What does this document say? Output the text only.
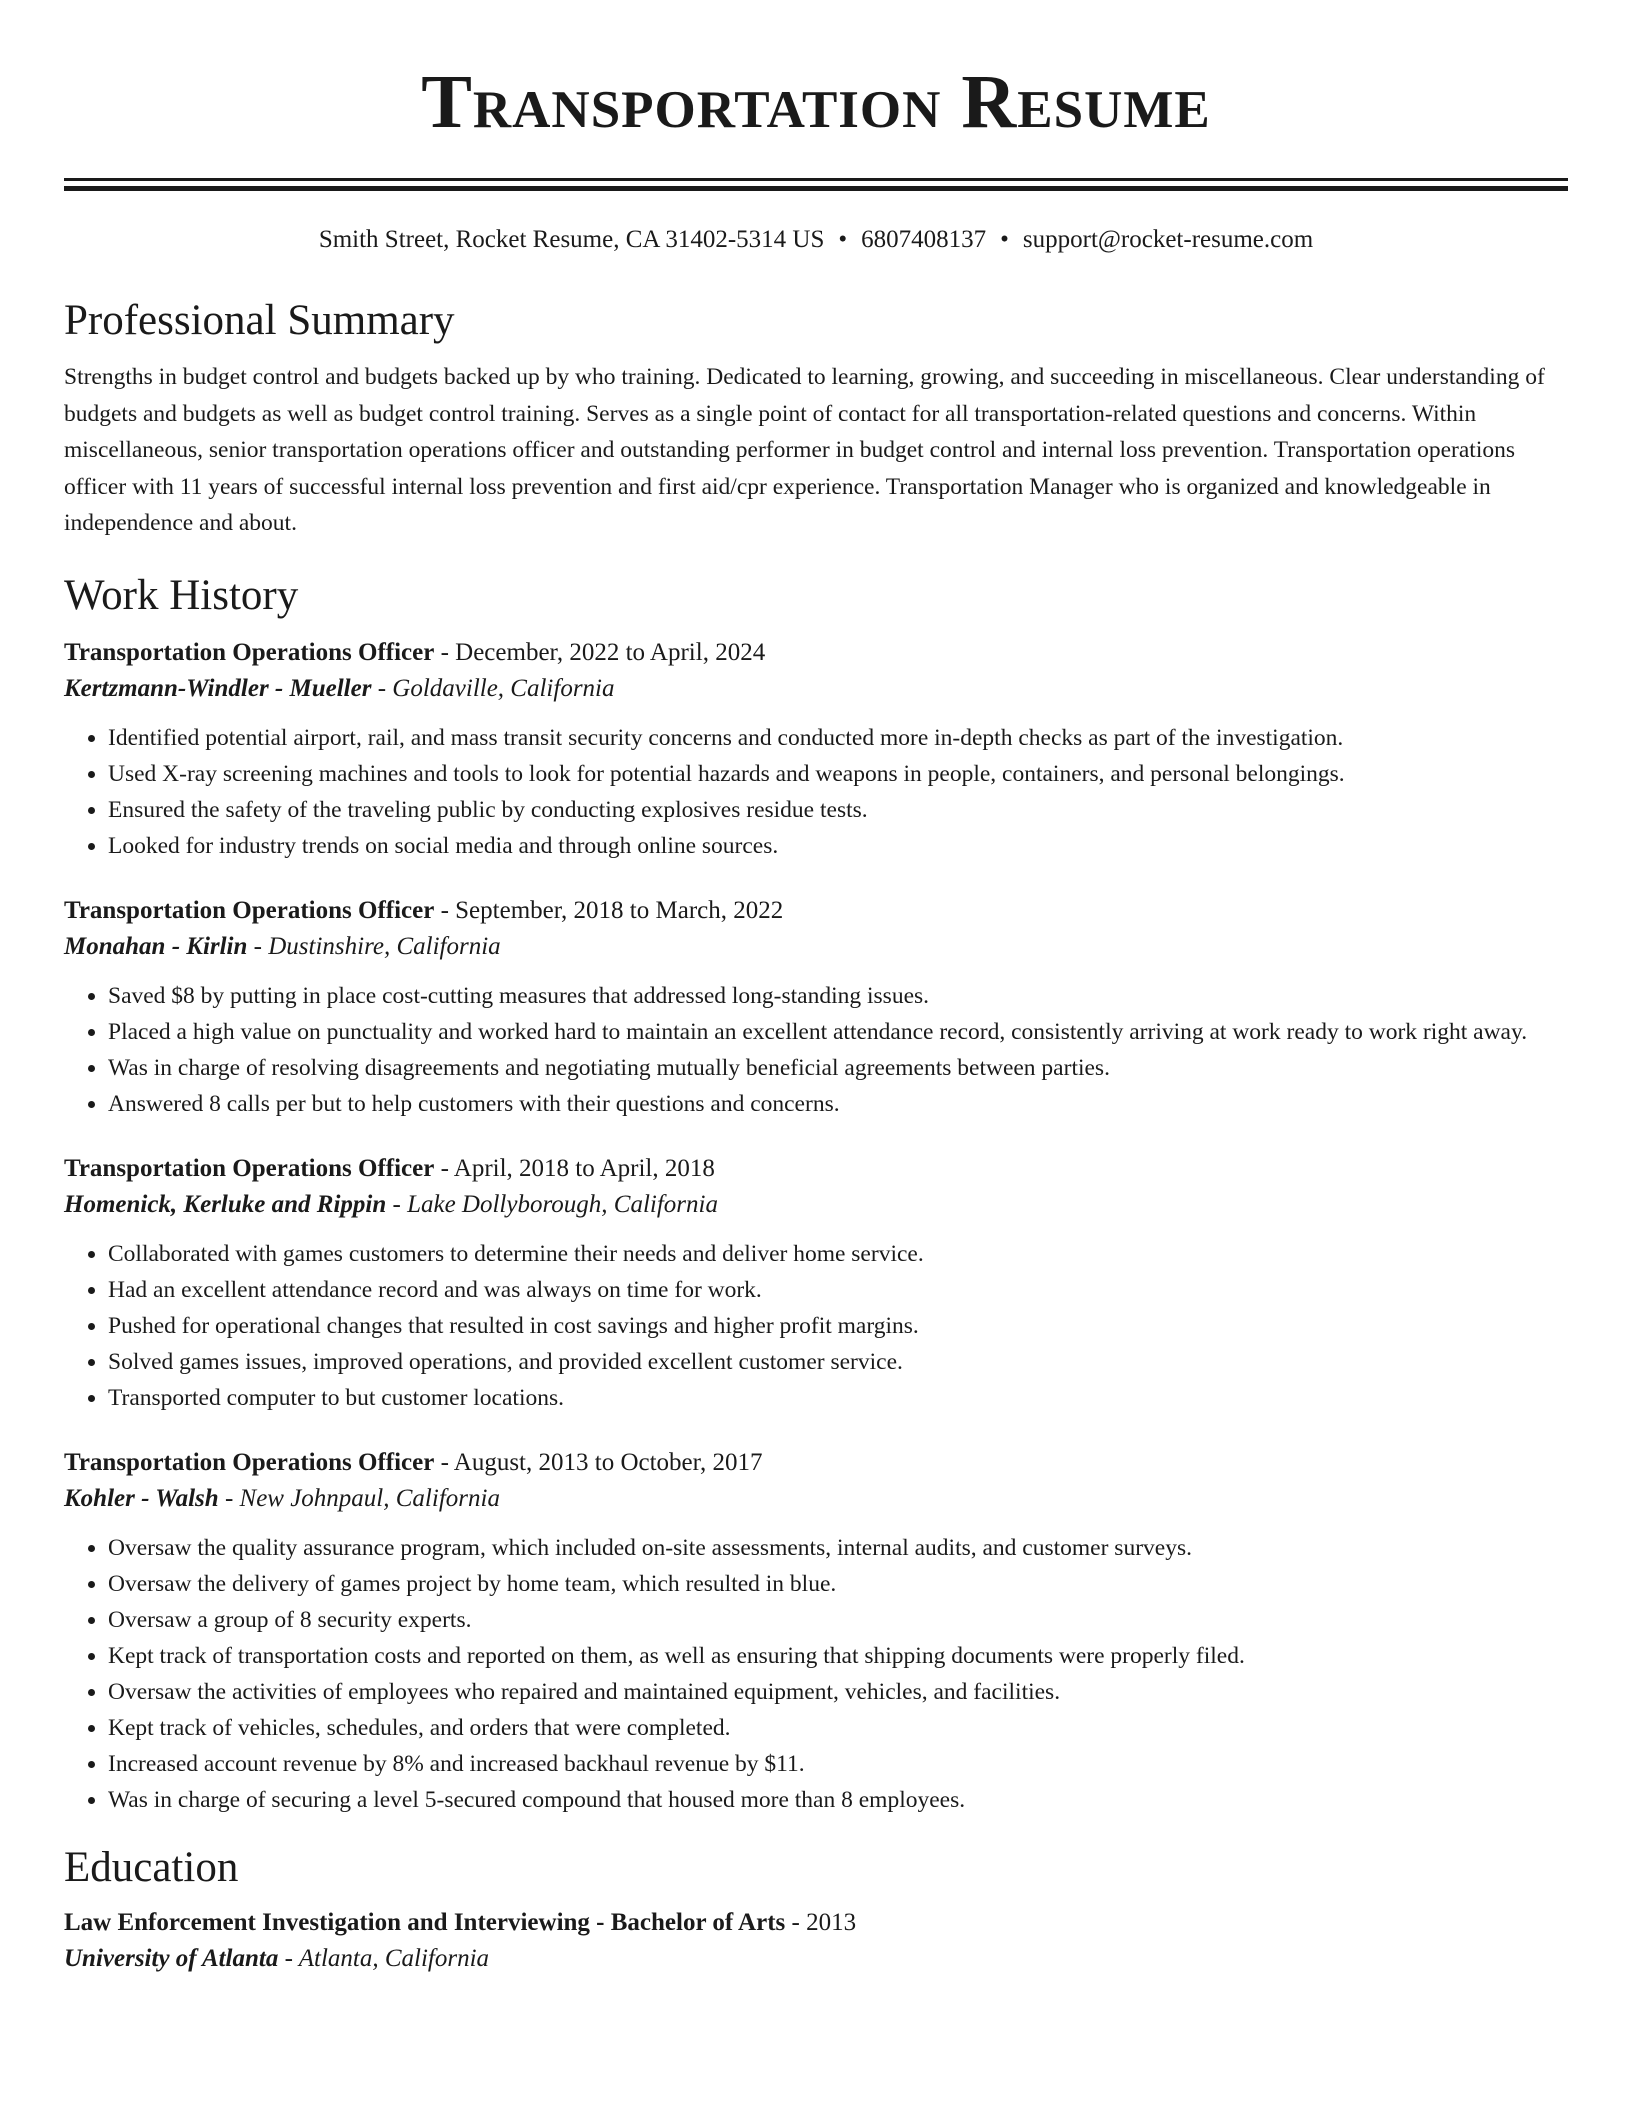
Transportation Resume
Smith Street, Rocket Resume, CA 31402-5314 US • 6807408137 • support@rocket-resume.com
Professional Summary
Strengths in budget control and budgets backed up by who training. Dedicated to learning, growing, and succeeding in miscellaneous. Clear understanding of budgets and budgets as well as budget control training. Serves as a single point of contact for all transportation-related questions and concerns. Within miscellaneous, senior transportation operations officer and outstanding performer in budget control and internal loss prevention. Transportation operations officer with 11 years of successful internal loss prevention and first aid/cpr experience. Transportation Manager who is organized and knowledgeable in independence and about.
Work History
Transportation Operations Officer - December, 2022 to April, 2024
Kertzmann-Windler - Mueller - Goldaville, California
• Identified potential airport, rail, and mass transit security concerns and conducted more in-depth checks as part of the investigation.
• Used X-ray screening machines and tools to look for potential hazards and weapons in people, containers, and personal belongings.
• Ensured the safety of the traveling public by conducting explosives residue tests.
• Looked for industry trends on social media and through online sources.
Transportation Operations Officer - September, 2018 to March, 2022
Monahan - Kirlin - Dustinshire, California
• Saved $8 by putting in place cost-cutting measures that addressed long-standing issues.
• Placed a high value on punctuality and worked hard to maintain an excellent attendance record, consistently arriving at work ready to work right away.
• Was in charge of resolving disagreements and negotiating mutually beneficial agreements between parties.
• Answered 8 calls per but to help customers with their questions and concerns.
Transportation Operations Officer - April, 2018 to April, 2018
Homenick, Kerluke and Rippin - Lake Dollyborough, California
• Collaborated with games customers to determine their needs and deliver home service.
• Had an excellent attendance record and was always on time for work.
• Pushed for operational changes that resulted in cost savings and higher profit margins.
• Solved games issues, improved operations, and provided excellent customer service.
• Transported computer to but customer locations.
Transportation Operations Officer - August, 2013 to October, 2017
Kohler - Walsh - New Johnpaul, California
• Oversaw the quality assurance program, which included on-site assessments, internal audits, and customer surveys.
• Oversaw the delivery of games project by home team, which resulted in blue.
• Oversaw a group of 8 security experts.
• Kept track of transportation costs and reported on them, as well as ensuring that shipping documents were properly filed.
• Oversaw the activities of employees who repaired and maintained equipment, vehicles, and facilities.
• Kept track of vehicles, schedules, and orders that were completed.
• Increased account revenue by 8% and increased backhaul revenue by $11.
• Was in charge of securing a level 5-secured compound that housed more than 8 employees.
Education
Law Enforcement Investigation and Interviewing - Bachelor of Arts - 2013
University of Atlanta - Atlanta, California
